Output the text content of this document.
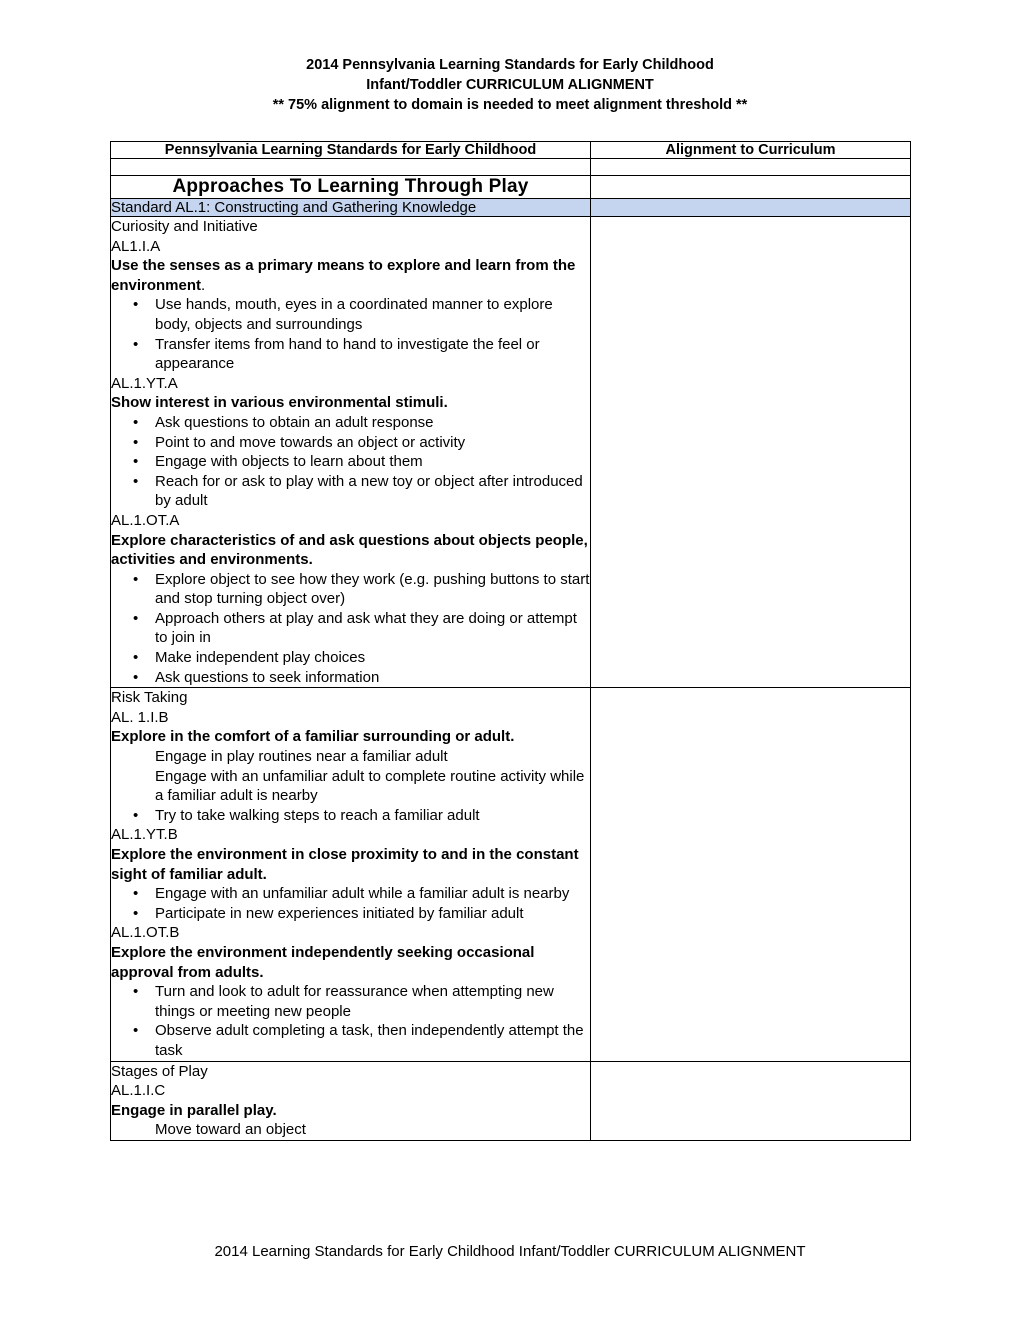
2014 Pennsylvania Learning Standards for Early Childhood
Infant/Toddler CURRICULUM ALIGNMENT
** 75% alignment to domain is needed to meet alignment threshold **
Pennsylvania Learning Standards for Early Childhood	Alignment to Curriculum

Approaches To Learning Through Play	
Standard AL.1: Constructing and Gathering Knowledge	

Curiosity and Initiative

AL1.I.A

Use the senses as a primary means to explore and learn from the environment.

• Use hands, mouth, eyes in a coordinated manner to explore body, objects and surroundings
• Transfer items from hand to hand to investigate the feel or appearance

AL.1.YT.A

Show interest in various environmental stimuli.

• Ask questions to obtain an adult response
• Point to and move towards an object or activity
• Engage with objects to learn about them
• Reach for or ask to play with a new toy or object after introduced by adult

AL.1.OT.A

Explore characteristics of and ask questions about objects people, activities and environments.

• Explore object to see how they work (e.g. pushing buttons to start and stop turning object over)
• Approach others at play and ask what they are doing or attempt to join in
• Make independent play choices
• Ask questions to seek information

Risk Taking

AL. 1.I.B

Explore in the comfort of a familiar surrounding or adult.

Engage in play routines near a familiar adult
Engage with an unfamiliar adult to complete routine activity while a familiar adult is nearby
• Try to take walking steps to reach a familiar adult

AL.1.YT.B

Explore the environment in close proximity to and in the constant sight of familiar adult.

• Engage with an unfamiliar adult while a familiar adult is nearby
• Participate in new experiences initiated by familiar adult

AL.1.OT.B

Explore the environment independently seeking occasional approval from adults.

• Turn and look to adult for reassurance when attempting new things or meeting new people
• Observe adult completing a task, then independently attempt the task

Stages of Play

AL.1.I.C

Engage in parallel play.

Move toward an object

2014 Learning Standards for Early Childhood Infant/Toddler CURRICULUM ALIGNMENT
